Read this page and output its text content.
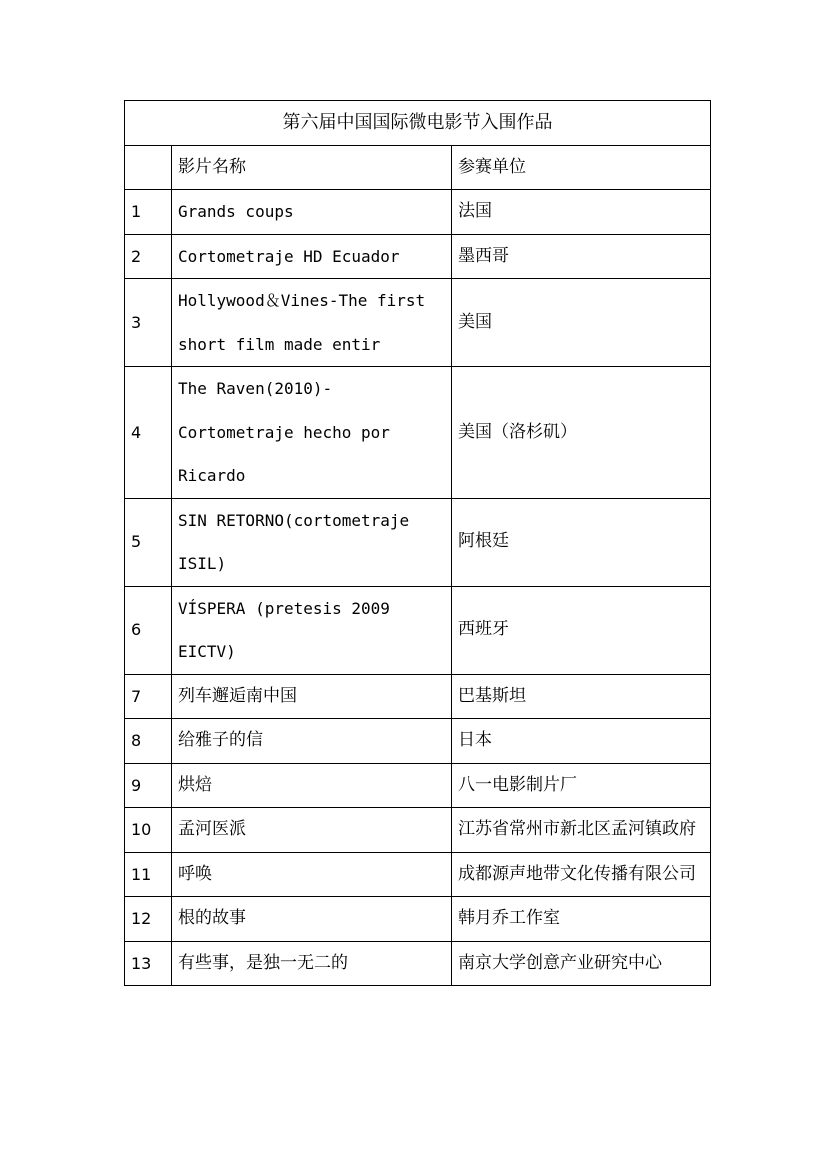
第六届中国国际微电影节入围作品		
	影片名称	参赛单位
1	Grands coups	法国
2	Cortometraje HD Ecuador	墨西哥
3	Hollywood＆Vines-The first short film made entir	美国
4	The Raven(2010)-Cortometraje hecho por Ricardo	美国（洛杉矶）
5	SIN RETORNO(cortometraje ISIL)	阿根廷
6	VÍSPERA (pretesis 2009 EICTV)	西班牙
7	列车邂逅南中国	巴基斯坦
8	给雅子的信	日本
9	烘焙	八一电影制片厂
10	孟河医派	江苏省常州市新北区孟河镇政府
11	呼唤	成都源声地带文化传播有限公司
12	根的故事	韩月乔工作室
13	有些事，是独一无二的	南京大学创意产业研究中心
